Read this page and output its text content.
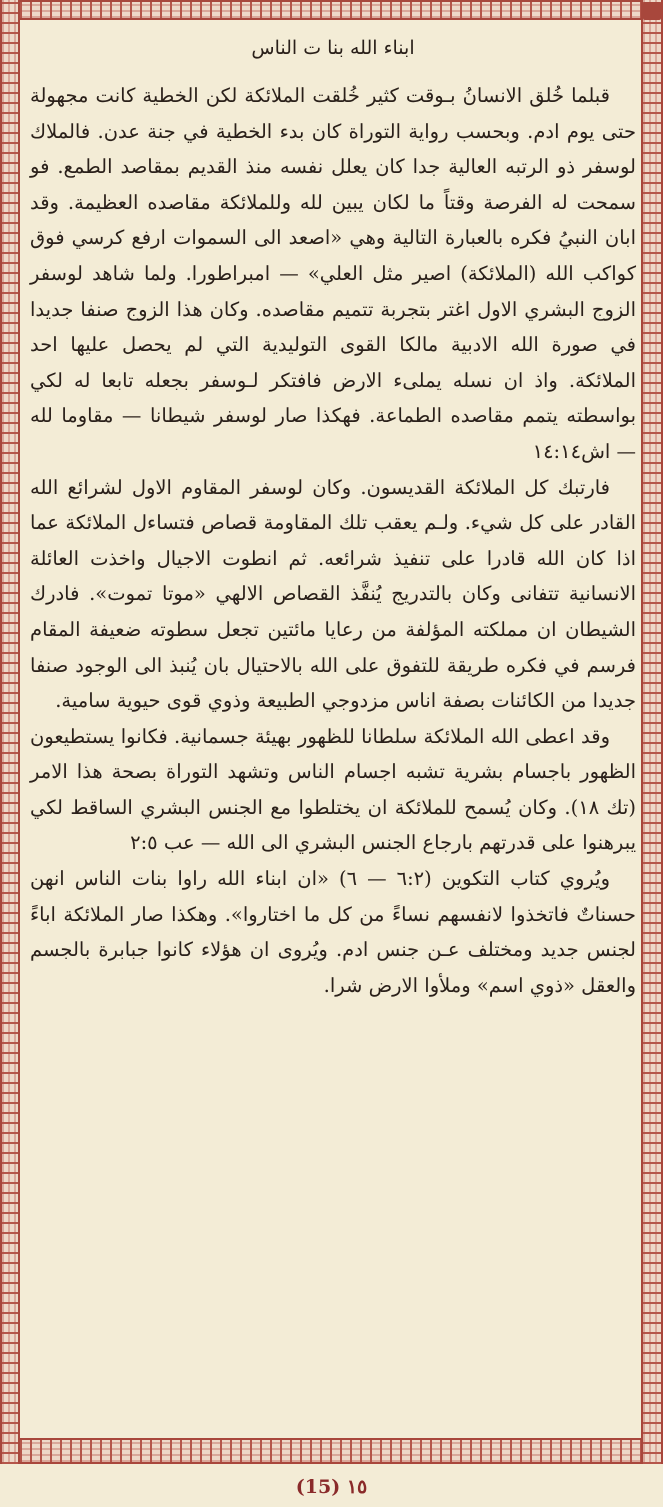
ابناء الله بنا ت الناس

قبلما خُلق الانسانُ بـوقت كثير خُلقت الملائكة لكن الخطية كانت مجهولة حتى يوم ادم. وبحسب رواية التوراة كان بدء الخطية في جنة عدن. فالملاك لوسفر ذو الرتبه العالية جدا كان يعلل نفسه منذ القديم بمقاصد الطمع. فو سمحت له الفرصة وقتاً ما لكان يبين لله وللملائكة مقاصده العظيمة. وقد ابان النبيُ فكره بالعبارة التالية وهي «اصعد الى السموات ارفع كرسي فوق كواكب الله (الملائكة) اصير مثل العلي» — امبراطورا. ولما شاهد لوسفر الزوج البشري الاول اغتر بتجربة تتميم مقاصده. وكان هذا الزوج صنفا جديدا في صورة الله الادبية مالكا القوى التوليدية التي لم يحصل عليها احد الملائكة. واذ ان نسله يملىء الارض فافتكر لـوسفر بجعله تابعا له لكي بواسطته يتمم مقاصده الطماعة. فهكذا صار لوسفر شيطانا — مقاوما لله — اش١٤:١٤

فارتبك كل الملائكة القديسون. وكان لوسفر المقاوم الاول لشرائع الله القادر على كل شيء. ولـم يعقب تلك المقاومة قصاص فتساءل الملائكة عما اذا كان الله قادرا على تنفيذ شرائعه. ثم انطوت الاجيال واخذت العائلة الانسانية تتفانى وكان بالتدريج يُنفَّذ القصاص الالهي «موتا تموت». فادرك الشيطان ان مملكته المؤلفة من رعايا مائتين تجعل سطوته ضعيفة المقام فرسم في فكره طريقة للتفوق على الله بالاحتيال بان يُنبذ الى الوجود صنفا جديدا من الكائنات بصفة اناس مزدوجي الطبيعة وذوي قوى حيوية سامية.

وقد اعطى الله الملائكة سلطانا للظهور بهيئة جسمانية. فكانوا يستطيعون الظهور باجسام بشرية تشبه اجسام الناس وتشهد التوراة بصحة هذا الامر (تك ١٨). وكان يُسمح للملائكة ان يختلطوا مع الجنس البشري الساقط لكي يبرهنوا على قدرتهم بارجاع الجنس البشري الى الله — عب ٢:٥

ويُروي كتاب التكوين (٦:٢ — ٦) «ان ابناء الله راوا بنات الناس انهن حسناتٌ فاتخذوا لانفسهم نساءً من كل ما اختاروا». وهكذا صار الملائكة اباءً لجنس جديد ومختلف عـن جنس ادم. ويُروى ان هؤلاء كانوا جبابرة بالجسم والعقل «ذوي اسم» وملأوا الارض شرا.

(15) ١٥
